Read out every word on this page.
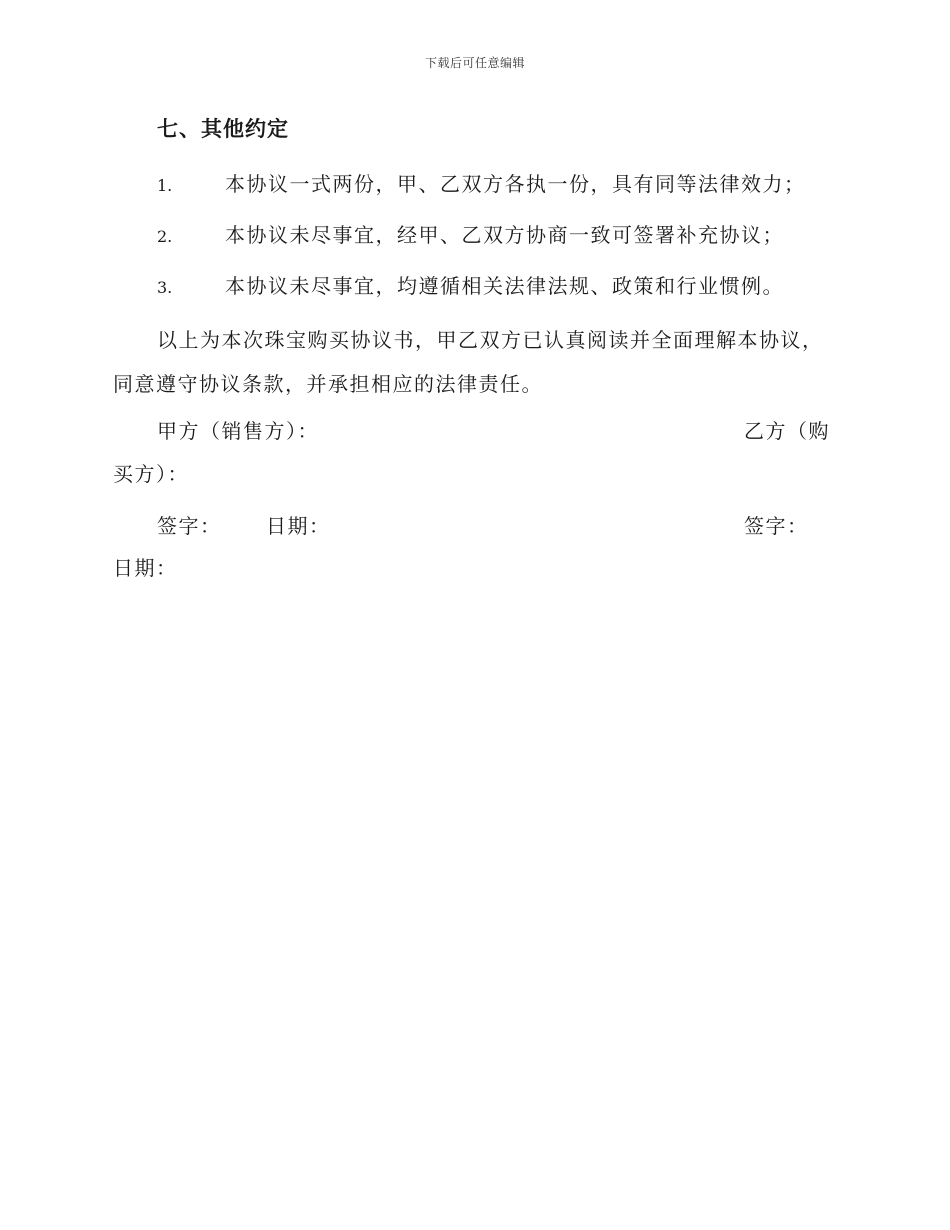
下载后可任意编辑
七、其他约定
1.	本协议一式两份，甲、乙双方各执一份，具有同等法律效力；
2.	本协议未尽事宜，经甲、乙双方协商一致可签署补充协议；
3.	本协议未尽事宜，均遵循相关法律法规、政策和行业惯例。
以上为本次珠宝购买协议书，甲乙双方已认真阅读并全面理解本协议，同意遵守协议条款，并承担相应的法律责任。
甲方（销售方）：	乙方（购
买方）：
签字： 日期：	签字：
日期：
